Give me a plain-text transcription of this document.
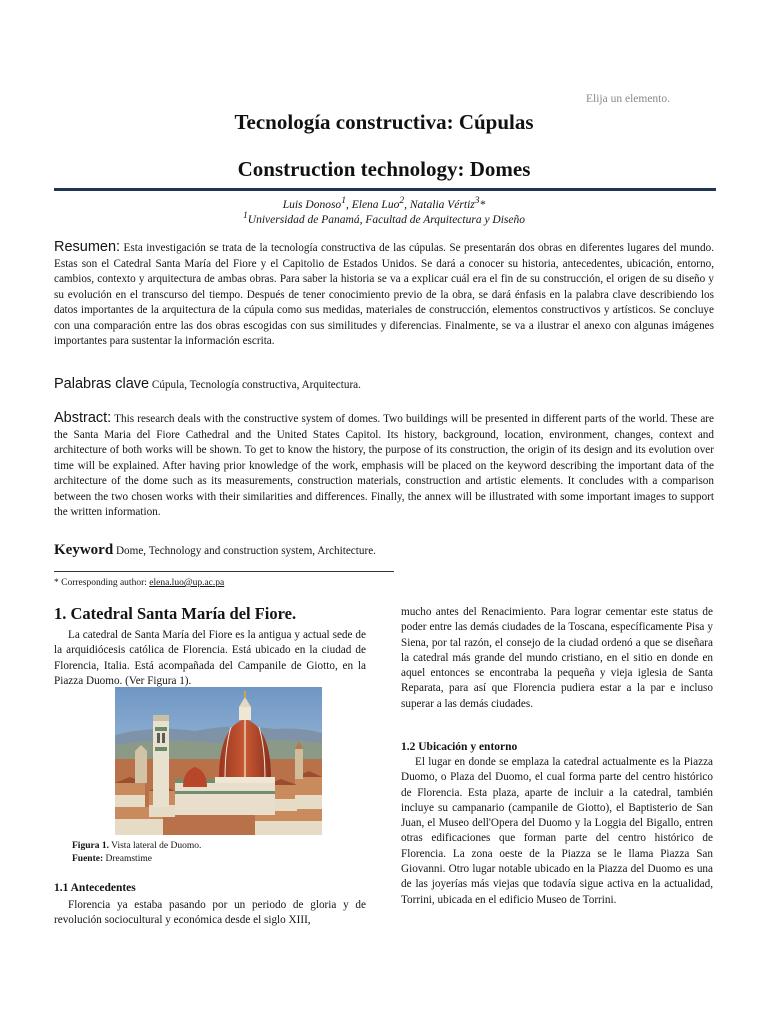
Elija un elemento.
Tecnología constructiva: Cúpulas
Construction technology: Domes
Luis Donoso$^1$, Elena Luo$^2$, Natalia Vértiz$^3$*
$^1$Universidad de Panamá, Facultad de Arquitectura y Diseño

Resumen: Esta investigación se trata de la tecnología constructiva de las cúpulas. Se presentarán dos obras en diferentes lugares del mundo. Estas son el Catedral Santa María del Fiore y el Capitolio de Estados Unidos. Se dará a conocer su historia, antecedentes, ubicación, entorno, cambios, contexto y arquitectura de ambas obras. Para saber la historia se va a explicar cuál era el fin de su construcción, el origen de su diseño y su evolución en el transcurso del tiempo. Después de tener conocimiento previo de la obra, se dará énfasis en la palabra clave describiendo los datos importantes de la arquitectura de la cúpula como sus medidas, materiales de construcción, elementos constructivos y artísticos. Se concluye con una comparación entre las dos obras escogidas con sus similitudes y diferencias. Finalmente, se va a ilustrar el anexo con algunas imágenes importantes para sustentar la información escrita.

Palabras clave Cúpula, Tecnología constructiva, Arquitectura.

Abstract: This research deals with the constructive system of domes. Two buildings will be presented in different parts of the world. These are the Santa Maria del Fiore Cathedral and the United States Capitol. Its history, background, location, environment, changes, context and architecture of both works will be shown. To get to know the history, the purpose of its construction, the origin of its design and its evolution over time will be explained. After having prior knowledge of the work, emphasis will be placed on the keyword describing the important data of the architecture of the dome such as its measurements, construction materials, construction and artistic elements. It concludes with a comparison between the two chosen works with their similarities and differences. Finally, the annex will be illustrated with some important images to support the written information.

Keyword Dome, Technology and construction system, Architecture.

* Corresponding author: elena.luo@up.ac.pa
1. Catedral Santa María del Fiore.

La catedral de Santa María del Fiore es la antigua y actual sede de la arquidiócesis católica de Florencia. Está ubicado en la ciudad de Florencia, Italia. Está acompañada del Campanile de Giotto, en la Piazza Duomo. (Ver Figura 1).

Figura 1. Vista lateral de Duomo.
Fuente: Dreamstime
1.1 Antecedentes

Florencia ya estaba pasando por un periodo de gloria y de revolución sociocultural y económica desde el siglo XIII,

mucho antes del Renacimiento. Para lograr cementar este status de poder entre las demás ciudades de la Toscana, específicamente Pisa y Siena, por tal razón, el consejo de la ciudad ordenó a que se diseñara la catedral más grande del mundo cristiano, en el sitio en donde en aquel entonces se encontraba la pequeña y vieja iglesia de Santa Reparata, para así que Florencia pudiera estar a la par e incluso superar a las demás ciudades.

1.2 Ubicación y entorno

El lugar en donde se emplaza la catedral actualmente es la Piazza Duomo, o Plaza del Duomo, el cual forma parte del centro histórico de Florencia. Esta plaza, aparte de incluir a la catedral, también incluye su campanario (campanile de Giotto), el Baptisterio de San Juan, el Museo dell'Opera del Duomo y la Loggia del Bigallo, entren otras edificaciones que forman parte del centro histórico de Florencia. La zona oeste de la Piazza se le llama Piazza San Giovanni. Otro lugar notable ubicado en la Piazza del Duomo es una de las joyerías más viejas que todavía sigue activa en la actualidad, Torrini, ubicada en el edificio Museo de Torrini.
